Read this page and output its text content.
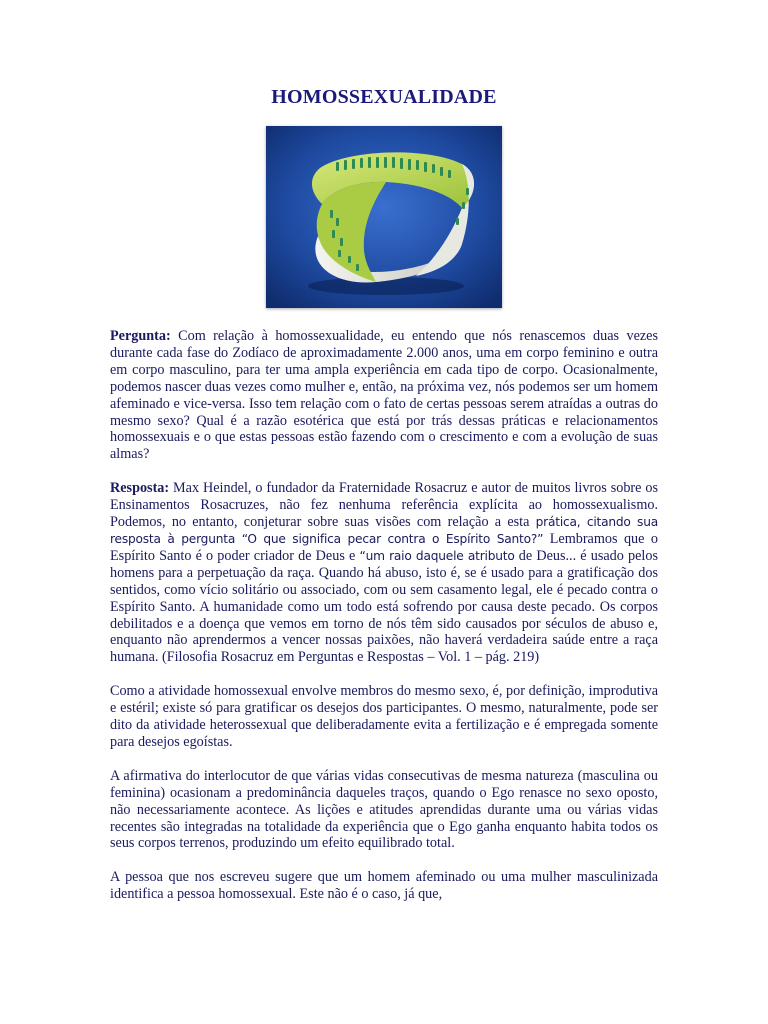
HOMOSSEXUALIDADE

Pergunta: Com relação à homossexualidade, eu entendo que nós renascemos duas vezes durante cada fase do Zodíaco de aproximadamente 2.000 anos, uma em corpo feminino e outra em corpo masculino, para ter uma ampla experiência em cada tipo de corpo. Ocasionalmente, podemos nascer duas vezes como mulher e, então, na próxima vez, nós podemos ser um homem afeminado e vice-versa. Isso tem relação com o fato de certas pessoas serem atraídas a outras do mesmo sexo? Qual é a razão esotérica que está por trás dessas práticas e relacionamentos homossexuais e o que estas pessoas estão fazendo com o crescimento e com a evolução de suas almas?

Resposta: Max Heindel, o fundador da Fraternidade Rosacruz e autor de muitos livros sobre os Ensinamentos Rosacruzes, não fez nenhuma referência explícita ao homossexualismo. Podemos, no entanto, conjeturar sobre suas visões com relação a esta prática, citando sua resposta à pergunta “O que significa pecar contra o Espírito Santo?” Lembramos que o Espírito Santo é o poder criador de Deus e “um raio daquele atributo de Deus... é usado pelos homens para a perpetuação da raça. Quando há abuso, isto é, se é usado para a gratificação dos sentidos, como vício solitário ou associado, com ou sem casamento legal, ele é pecado contra o Espírito Santo. A humanidade como um todo está sofrendo por causa deste pecado. Os corpos debilitados e a doença que vemos em torno de nós têm sido causados por séculos de abuso e, enquanto não aprendermos a vencer nossas paixões, não haverá verdadeira saúde entre a raça humana. (Filosofia Rosacruz em Perguntas e Respostas – Vol. 1 – pág. 219)

Como a atividade homossexual envolve membros do mesmo sexo, é, por definição, improdutiva e estéril; existe só para gratificar os desejos dos participantes. O mesmo, naturalmente, pode ser dito da atividade heterossexual que deliberadamente evita a fertilização e é empregada somente para desejos egoístas.

A afirmativa do interlocutor de que várias vidas consecutivas de mesma natureza (masculina ou feminina) ocasionam a predominância daqueles traços, quando o Ego renasce no sexo oposto, não necessariamente acontece. As lições e atitudes aprendidas durante uma ou várias vidas recentes são integradas na totalidade da experiência que o Ego ganha enquanto habita todos os seus corpos terrenos, produzindo um efeito equilibrado total.

A pessoa que nos escreveu sugere que um homem afeminado ou uma mulher masculinizada identifica a pessoa homossexual. Este não é o caso, já que,
